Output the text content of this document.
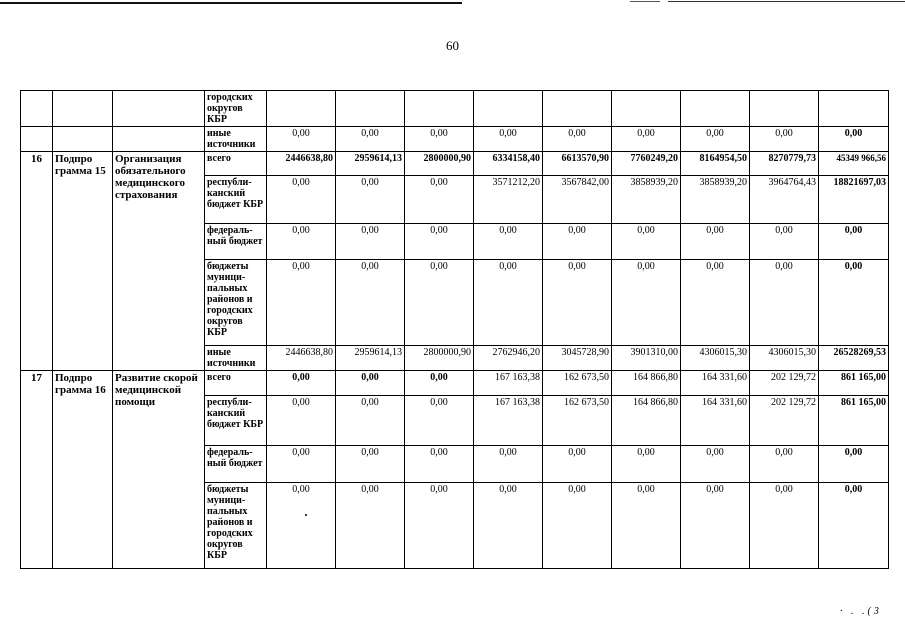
60
			городских округов КБР									
			иные источники	0,00	0,00	0,00	0,00	0,00	0,00	0,00	0,00	0,00
16	Подпро грамма 15	Организация обязательного медицинского страхования	всего	2446638,80	2959614,13	2800000,90	6334158,40	6613570,90	7760249,20	8164954,50	8270779,73	45349 966,56
			республи-канский бюджет КБР	0,00	0,00	0,00	3571212,20	3567842,00	3858939,20	3858939,20	3964764,43	18821697,03
			федераль-ный бюджет	0,00	0,00	0,00	0,00	0,00	0,00	0,00	0,00	0,00
			бюджеты муници-пальных районов и городских округов КБР	0,00	0,00	0,00	0,00	0,00	0,00	0,00	0,00	0,00
			иные источники	2446638,80	2959614,13	2800000,90	2762946,20	3045728,90	3901310,00	4306015,30	4306015,30	26528269,53
17	Подпро грамма 16	Развитие скорой медицинской помощи	всего	0,00	0,00	0,00	167 163,38	162 673,50	164 866,80	164 331,60	202 129,72	861 165,00
			республи-канский бюджет КБР	0,00	0,00	0,00	167 163,38	162 673,50	164 866,80	164 331,60	202 129,72	861 165,00
			федераль-ный бюджет	0,00	0,00	0,00	0,00	0,00	0,00	0,00	0,00	0,00
			бюджеты муници-пальных районов и городских округов КБР	0,00	0,00	0,00	0,00	0,00	0,00	0,00	0,00	0,00
· . .(3
